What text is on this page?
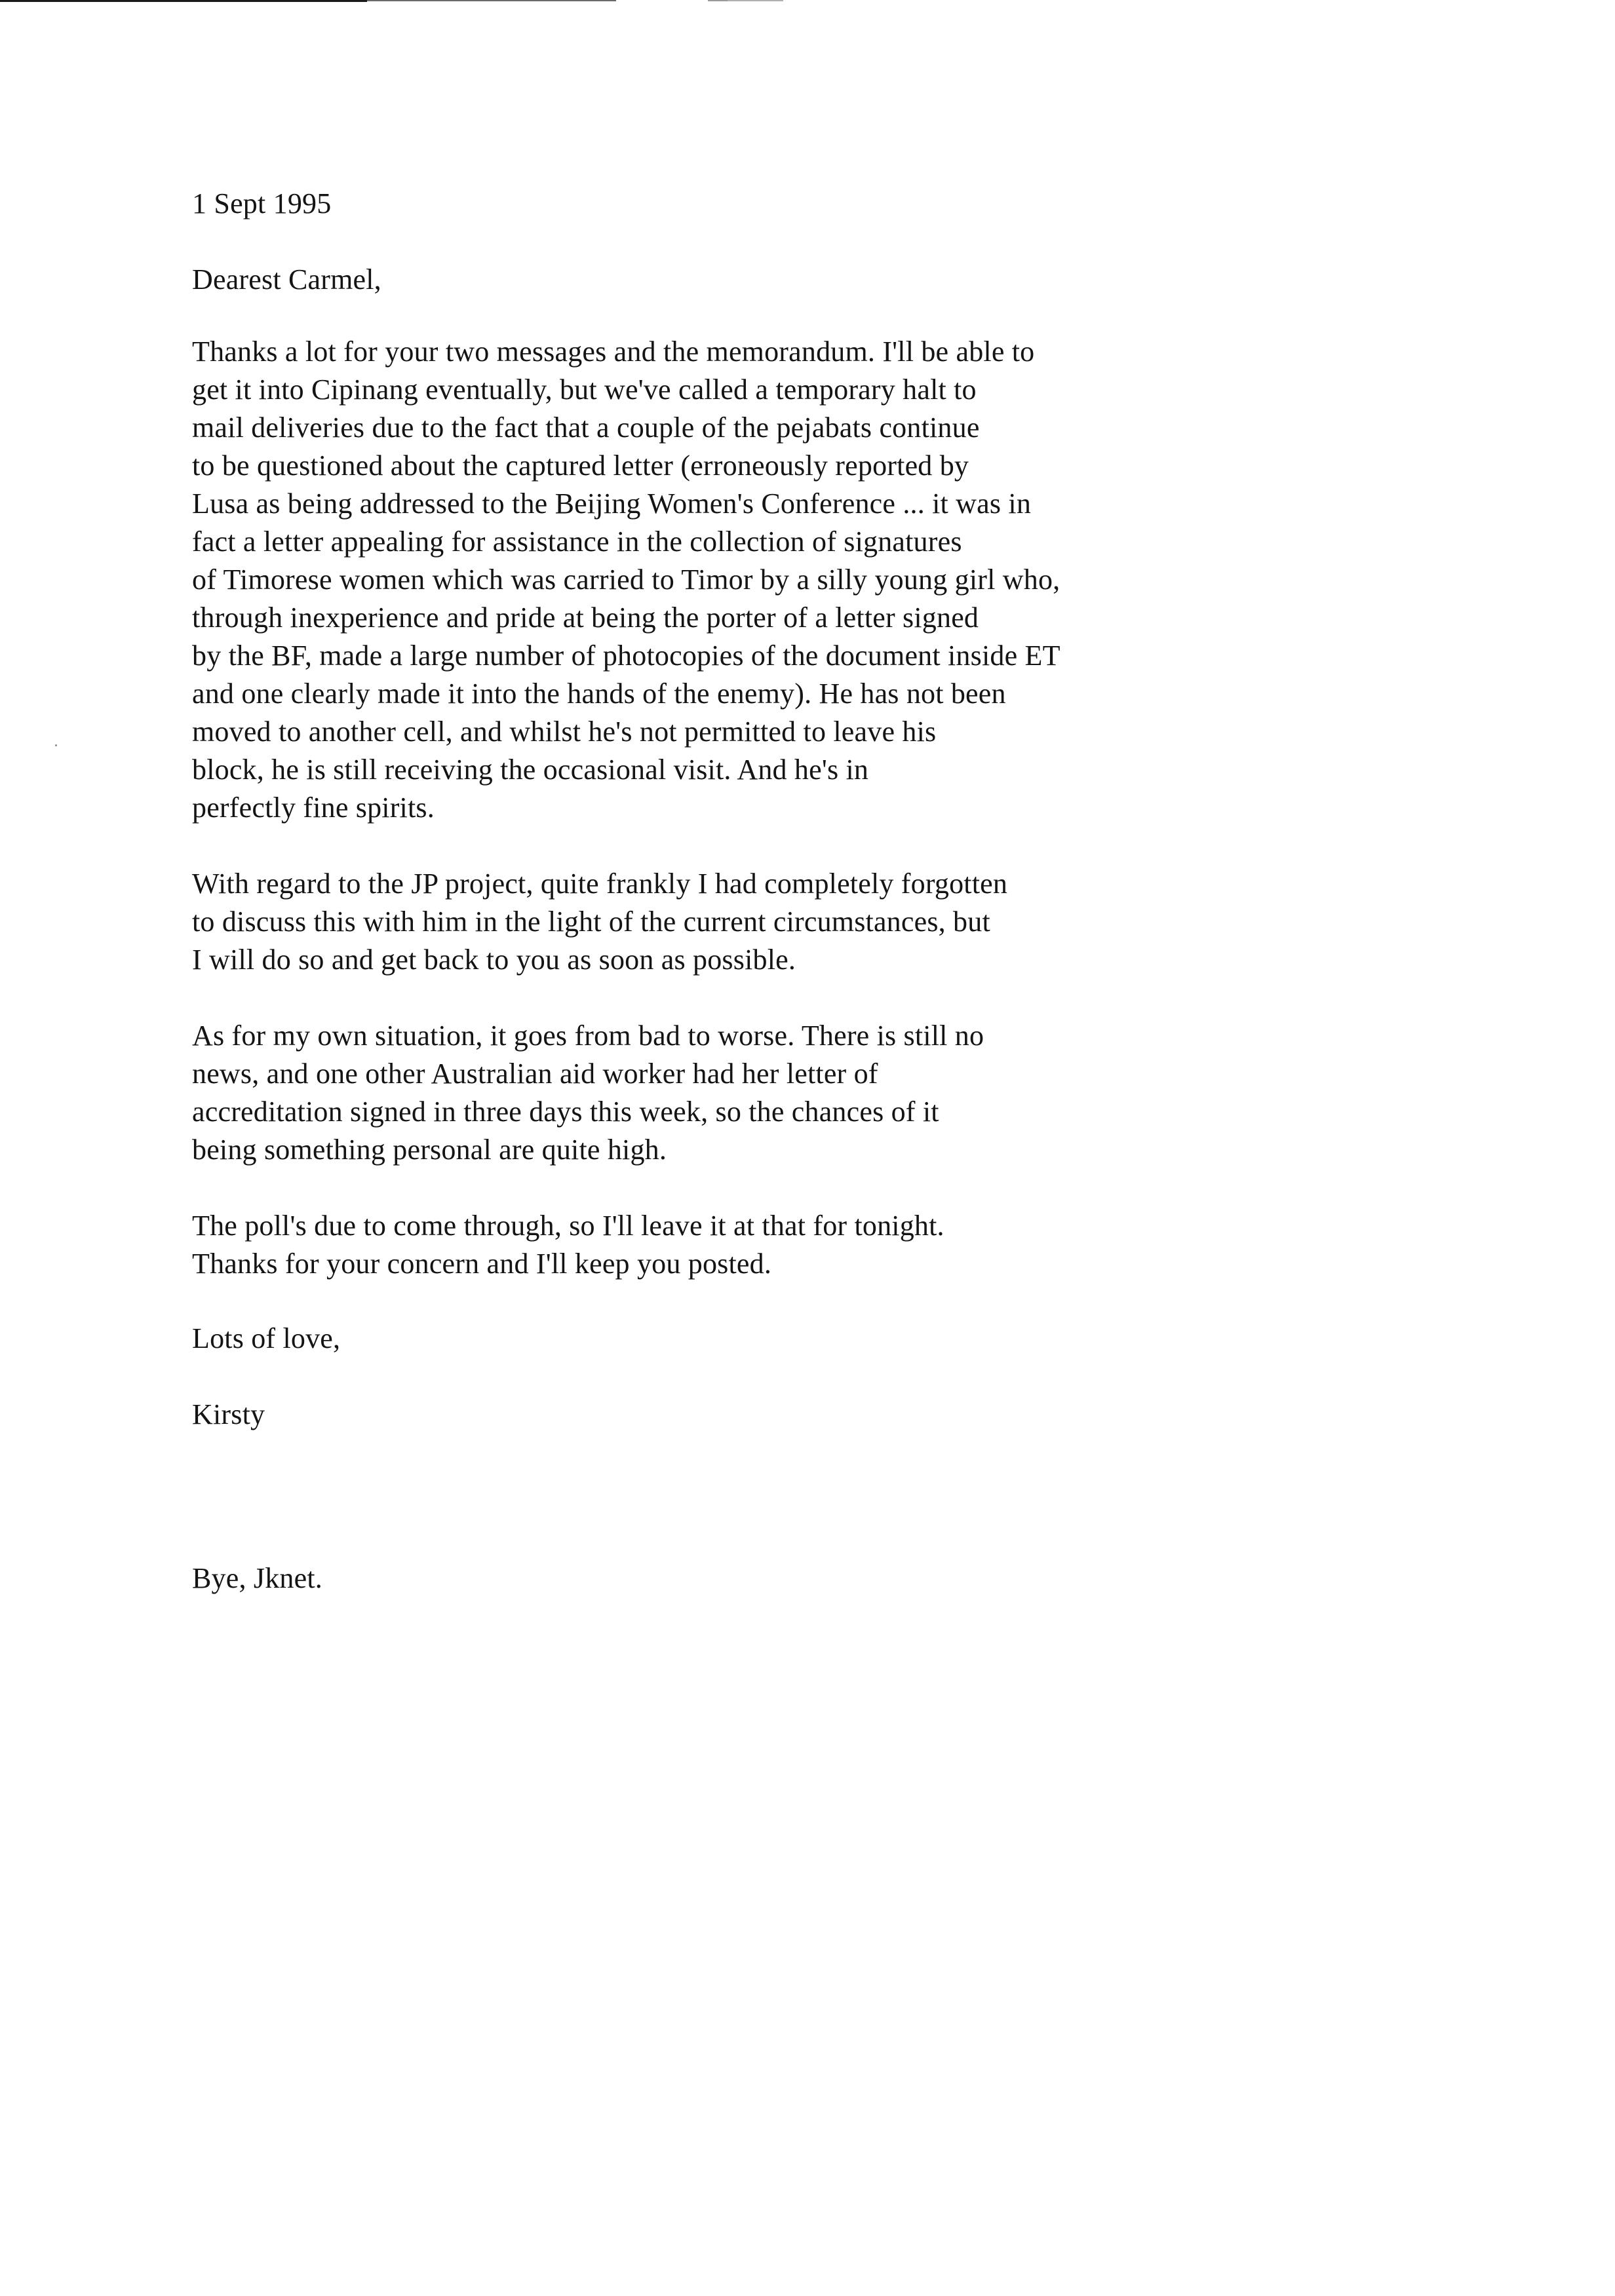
1 Sept 1995
Dearest Carmel,
Thanks a lot for your two messages and the memorandum. I'll be able to
get it into Cipinang eventually, but we've called a temporary halt to
mail deliveries due to the fact that a couple of the pejabats continue
to be questioned about the captured letter (erroneously reported by
Lusa as being addressed to the Beijing Women's Conference ... it was in
fact a letter appealing for assistance in the collection of signatures
of Timorese women which was carried to Timor by a silly young girl who,
through inexperience and pride at being the porter of a letter signed
by the BF, made a large number of photocopies of the document inside ET
and one clearly made it into the hands of the enemy). He has not been
moved to another cell, and whilst he's not permitted to leave his
block, he is still receiving the occasional visit. And he's in
perfectly fine spirits.
With regard to the JP project, quite frankly I had completely forgotten
to discuss this with him in the light of the current circumstances, but
I will do so and get back to you as soon as possible.
As for my own situation, it goes from bad to worse. There is still no
news, and one other Australian aid worker had her letter of
accreditation signed in three days this week, so the chances of it
being something personal are quite high.
The poll's due to come through, so I'll leave it at that for tonight.
Thanks for your concern and I'll keep you posted.
Lots of love,
Kirsty
Bye, Jknet.
